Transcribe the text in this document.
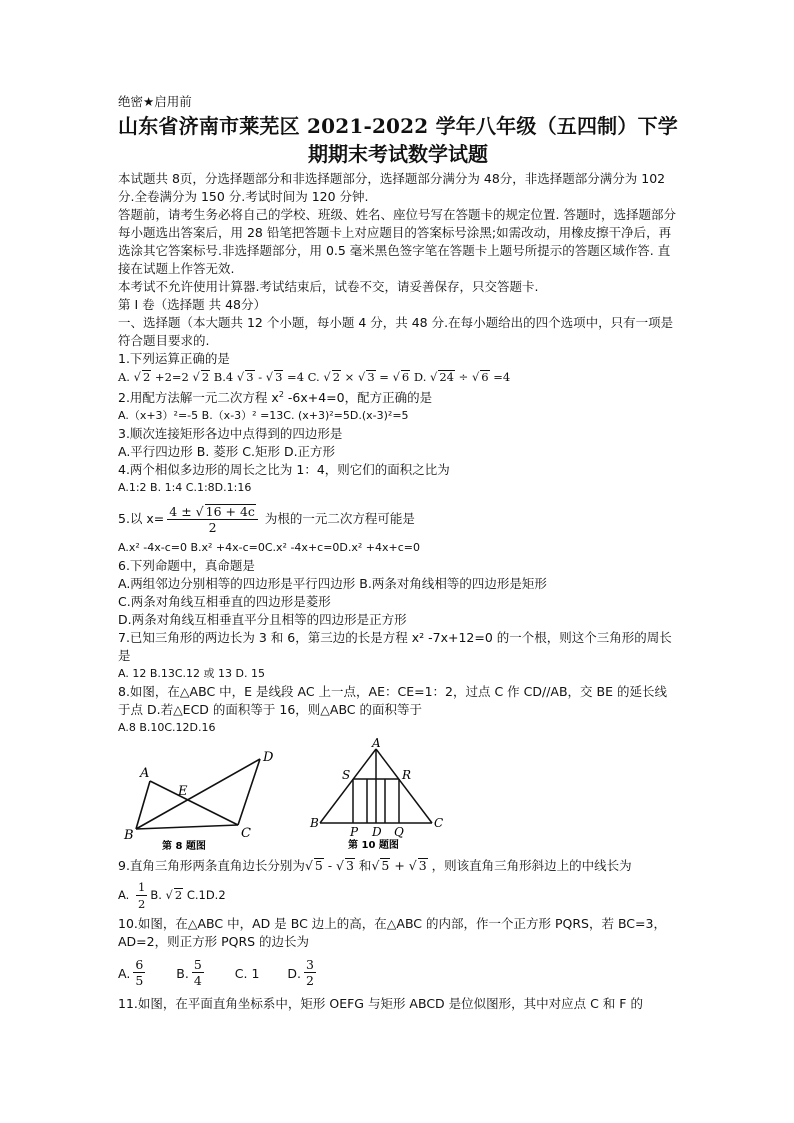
绝密★启用前
山东省济南市莱芜区 2021-2022 学年八年级（五四制）下学
期期末考试数学试题

本试题共 8页，分选择题部分和非选择题部分，选择题部分满分为 48分，非选择题部分满分为 102分.全卷满分为 150 分.考试时间为 120 分钟.

答题前，请考生务必将自己的学校、班级、姓名、座位号写在答题卡的规定位置. 答题时，选择题部分每小题选出答案后，用 28 铅笔把答题卡上对应题目的答案标号涂黑;如需改动，用橡皮擦干净后，再选涂其它答案标号.非选择题部分，用 0.5 毫米黑色签字笔在答题卡上题号所提示的答题区域作答. 直接在试题上作答无效.

本考试不允许使用计算器.考试结束后，试卷不交，请妥善保存，只交答题卡.

第 I 卷（选择题 共 48分）

一、选择题（本大题共 12 个小题，每小题 4 分，共 48 分.在每小题给出的四个选项中，只有一项是符合题目要求的.

1.下列运算正确的是

A. √ 2 +2=2 √ 2 B.4 √ 3 - √ 3 =4 C. √ 2 × √ 3 = √ 6 D. √ 24 ÷ √ 6 =4

2.用配方法解一元二次方程 $x^2$ -6x+4=0，配方正确的是

A.（x+3）²=-5 B.（x-3）² =13C. (x+3)²=5D.(x-3)²=5

3.顺次连接矩形各边中点得到的四边形是

A.平行四边形 B. 菱形 C.矩形 D.正方形

4.两个相似多边形的周长之比为 1：4，则它们的面积之比为

A.1:2 B. 1:4 C.1:8D.1:16

5.以 $x= \frac{4 \pm √ 16 + 4c}{2}$ 为根的一元二次方程可能是

A.x² -4x-c=0 B.x² +4x-c=0C.x² -4x+c=0D.x² +4x+c=0

6.下列命题中，真命题是

A.两组邻边分别相等的四边形是平行四边形 B.两条对角线相等的四边形是矩形

C.两条对角线互相垂直的四边形是菱形

D.两条对角线互相垂直平分且相等的四边形是正方形

7.已知三角形的两边长为 3 和 6，第三边的长是方程 x² -7x+12=0 的一个根，则这个三角形的周长是

A. 12 B.13C.12 或 13 D. 15

8.如图，在△ABC 中，E 是线段 AC 上一点，AE：CE=1：2，过点 C 作 CD//AB，交 BE 的延长线于点 D.若△ECD 的面积等于 16，则△ABC 的面积等于

A.8 B.10C.12D.16

A
B	C
D
E
第 8 题图
A
B	C
D
P	Q
R
S
第 10 题图

9.直角三角形两条直角边长分别为 √ 5 - √ 3 和 √ 5 + √ 3 ，则该直角三角形斜边上的中线长为

A. $\frac{1}{2} B$. √ 2 C.1D.2

10.如图，在△ABC 中，AD 是 BC 边上的高，在△ABC 的内部，作一个正方形 PQRS，若 BC=3，AD=2，则正方形 PQRS 的边长为

A. $\frac{6}{5} B$. $\frac{5}{4} C$. 1 D. $\frac{3}{2}$

11.如图，在平面直角坐标系中，矩形 OEFG 与矩形 ABCD 是位似图形，其中对应点 C 和 F 的
